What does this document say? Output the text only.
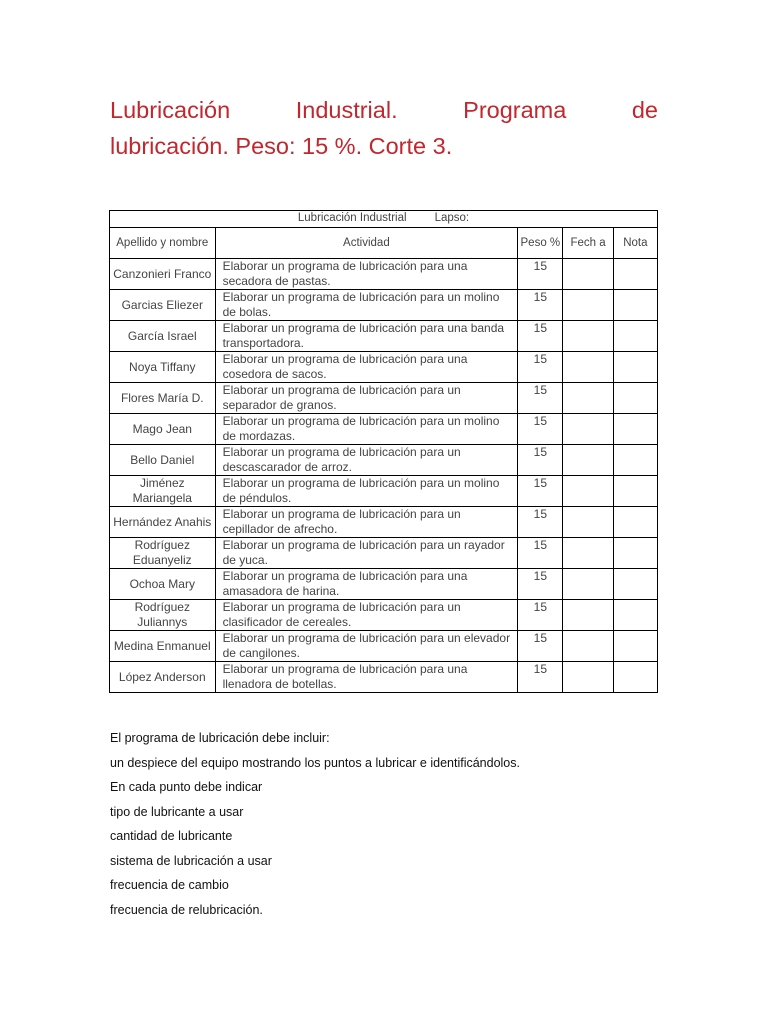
Lubricación	Industrial.	Programa	de
lubricación. Peso: 15 %. Corte 3.
Lubricación Industrial Lapso:				
Apellido y nombre	Actividad	Peso %	Fech a	Nota
Canzonieri Franco	Elaborar un programa de lubricación para una secadora de pastas.	15		
Garcias Eliezer	Elaborar un programa de lubricación para un molino de bolas.	15		
García Israel	Elaborar un programa de lubricación para una banda transportadora.	15		
Noya Tiffany	Elaborar un programa de lubricación para una cosedora de sacos.	15		
Flores María D.	Elaborar un programa de lubricación para un separador de granos.	15		
Mago Jean	Elaborar un programa de lubricación para un molino de mordazas.	15		
Bello Daniel	Elaborar un programa de lubricación para un descascarador de arroz.	15		
Jiménez Mariangela	Elaborar un programa de lubricación para un molino de péndulos.	15		
Hernández Anahis	Elaborar un programa de lubricación para un cepillador de afrecho.	15		
Rodríguez Eduanyeliz	Elaborar un programa de lubricación para un rayador de yuca.	15		
Ochoa Mary	Elaborar un programa de lubricación para una amasadora de harina.	15		
Rodríguez Juliannys	Elaborar un programa de lubricación para un clasificador de cereales.	15		
Medina Enmanuel	Elaborar un programa de lubricación para un elevador de cangilones.	15		
López Anderson	Elaborar un programa de lubricación para una llenadora de botellas.	15		

El programa de lubricación debe incluir:

un despiece del equipo mostrando los puntos a lubricar e identificándolos.

En cada punto debe indicar

tipo de lubricante a usar

cantidad de lubricante

sistema de lubricación a usar

frecuencia de cambio

frecuencia de relubricación.
